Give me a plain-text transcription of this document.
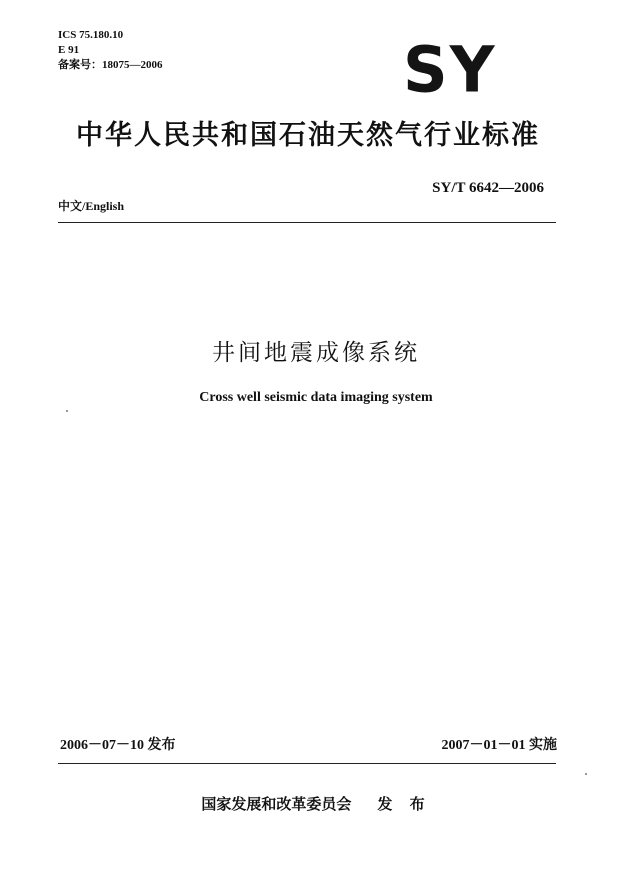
ICS 75.180.10
E 91
备案号：18075—2006	SY
中华人民共和国石油天然气行业标准
SY/T 6642—2006
中文/English
井间地震成像系统
Cross well seismic data imaging system
2006－07－10 发布	2007－01－01 实施
国家发展和改革委员会 发 布
